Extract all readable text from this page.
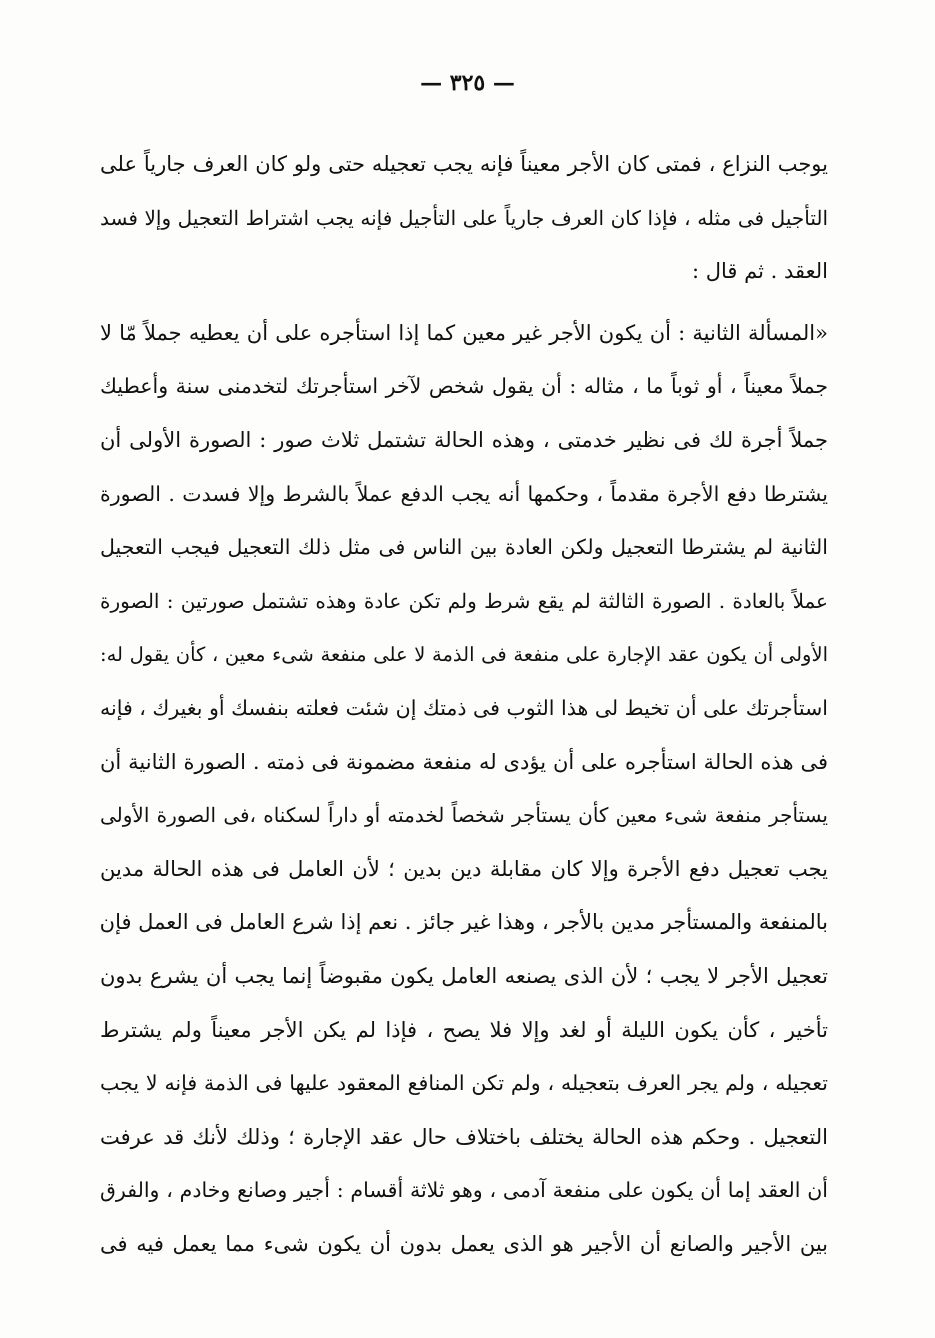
— ٣٢٥ —
يوجب النزاع ، فمتى كان الأجر معيناً فإنه يجب تعجيله حتى ولو كان العرف جارياً على
التأجيل فى مثله ، فإذا كان العرف جارياً على التأجيل فإنه يجب اشتراط التعجيل وإلا فسد
العقد . ثم قال :
«المسألة الثانية : أن يكون الأجر غير معين كما إذا استأجره على أن يعطيه جملاً مّا لا
جملاً معيناً ، أو ثوباً ما ، مثاله : أن يقول شخص لآخر استأجرتك لتخدمنى سنة وأعطيك
جملاً أجرة لك فى نظير خدمتى ، وهذه الحالة تشتمل ثلاث صور : الصورة الأولى أن
يشترطا دفع الأجرة مقدماً ، وحكمها أنه يجب الدفع عملاً بالشرط وإلا فسدت . الصورة
الثانية لم يشترطا التعجيل ولكن العادة بين الناس فى مثل ذلك التعجيل فيجب التعجيل
عملاً بالعادة . الصورة الثالثة لم يقع شرط ولم تكن عادة وهذه تشتمل صورتين : الصورة
الأولى أن يكون عقد الإجارة على منفعة فى الذمة لا على منفعة شىء معين ، كأن يقول له:
استأجرتك على أن تخيط لى هذا الثوب فى ذمتك إن شئت فعلته بنفسك أو بغيرك ، فإنه
فى هذه الحالة استأجره على أن يؤدى له منفعة مضمونة فى ذمته . الصورة الثانية أن
يستأجر منفعة شىء معين كأن يستأجر شخصاً لخدمته أو داراً لسكناه ،فى الصورة الأولى
يجب تعجيل دفع الأجرة وإلا كان مقابلة دين بدين ؛ لأن العامل فى هذه الحالة مدين
بالمنفعة والمستأجر مدين بالأجر ، وهذا غير جائز . نعم إذا شرع العامل فى العمل فإن
تعجيل الأجر لا يجب ؛ لأن الذى يصنعه العامل يكون مقبوضاً إنما يجب أن يشرع بدون
تأخير ، كأن يكون الليلة أو لغد وإلا فلا يصح ، فإذا لم يكن الأجر معيناً ولم يشترط
تعجيله ، ولم يجر العرف بتعجيله ، ولم تكن المنافع المعقود عليها فى الذمة فإنه لا يجب
التعجيل . وحكم هذه الحالة يختلف باختلاف حال عقد الإجارة ؛ وذلك لأنك قد عرفت
أن العقد إما أن يكون على منفعة آدمى ، وهو ثلاثة أقسام : أجير وصانع وخادم ، والفرق
بين الأجير والصانع أن الأجير هو الذى يعمل بدون أن يكون شىء مما يعمل فيه فى
